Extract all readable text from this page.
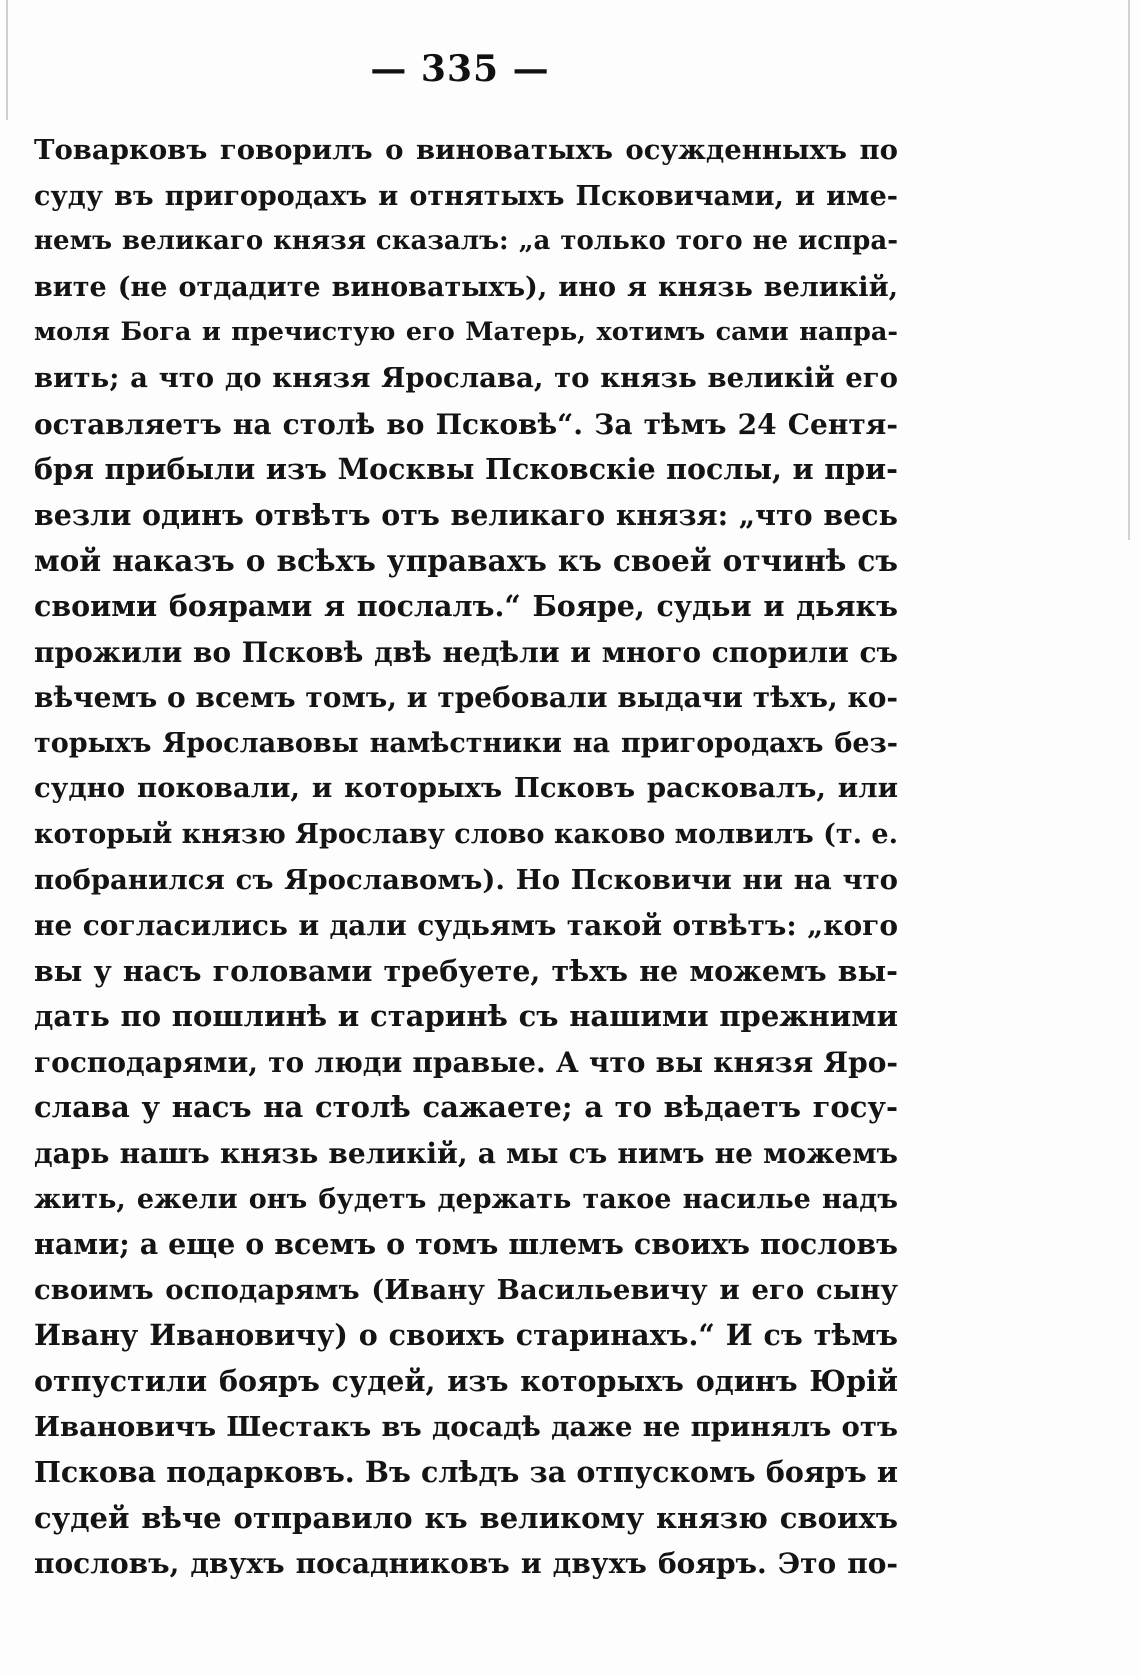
— 335 —
Товарковъ говорилъ о виноватыхъ осужденныхъ по
суду въ пригородахъ и отнятыхъ Псковичами, и име-
немъ великаго князя сказалъ: „а только того не испра-
вите (не отдадите виноватыхъ), ино я князь великій,
моля Бога и пречистую его Матерь, хотимъ сами напра-
вить; а что до князя Ярослава, то князь великій его
оставляетъ на столѣ во Псковѣ“. За тѣмъ 24 Сентя-
бря прибыли изъ Москвы Псковскіе послы, и при-
везли одинъ отвѣтъ отъ великаго князя: „что весь
мой наказъ о всѣхъ управахъ къ своей отчинѣ съ
своими боярами я послалъ.“ Бояре, судьи и дьякъ
прожили во Псковѣ двѣ недѣли и много спорили съ
вѣчемъ о всемъ томъ, и требовали выдачи тѣхъ, ко-
торыхъ Ярославовы намѣстники на пригородахъ без-
судно поковали, и которыхъ Псковъ расковалъ, или
который князю Ярославу слово каково молвилъ (т. е.
побранился съ Ярославомъ). Но Псковичи ни на что
не согласились и дали судьямъ такой отвѣтъ: „кого
вы у насъ головами требуете, тѣхъ не можемъ вы-
дать по пошлинѣ и старинѣ съ нашими прежними
господарями, то люди правые. А что вы князя Яро-
слава у насъ на столѣ сажаете; а то вѣдаетъ госу-
дарь нашъ князь великій, а мы съ нимъ не можемъ
жить, ежели онъ будетъ держать такое насилье надъ
нами; а еще о всемъ о томъ шлемъ своихъ пословъ
своимъ осподарямъ (Ивану Васильевичу и его сыну
Ивану Ивановичу) о своихъ старинахъ.“ И съ тѣмъ
отпустили бояръ судей, изъ которыхъ одинъ Юрій
Ивановичъ Шестакъ въ досадѣ даже не принялъ отъ
Пскова подарковъ. Въ слѣдъ за отпускомъ бояръ и
судей вѣче отправило къ великому князю своихъ
пословъ, двухъ посадниковъ и двухъ бояръ. Это по-
